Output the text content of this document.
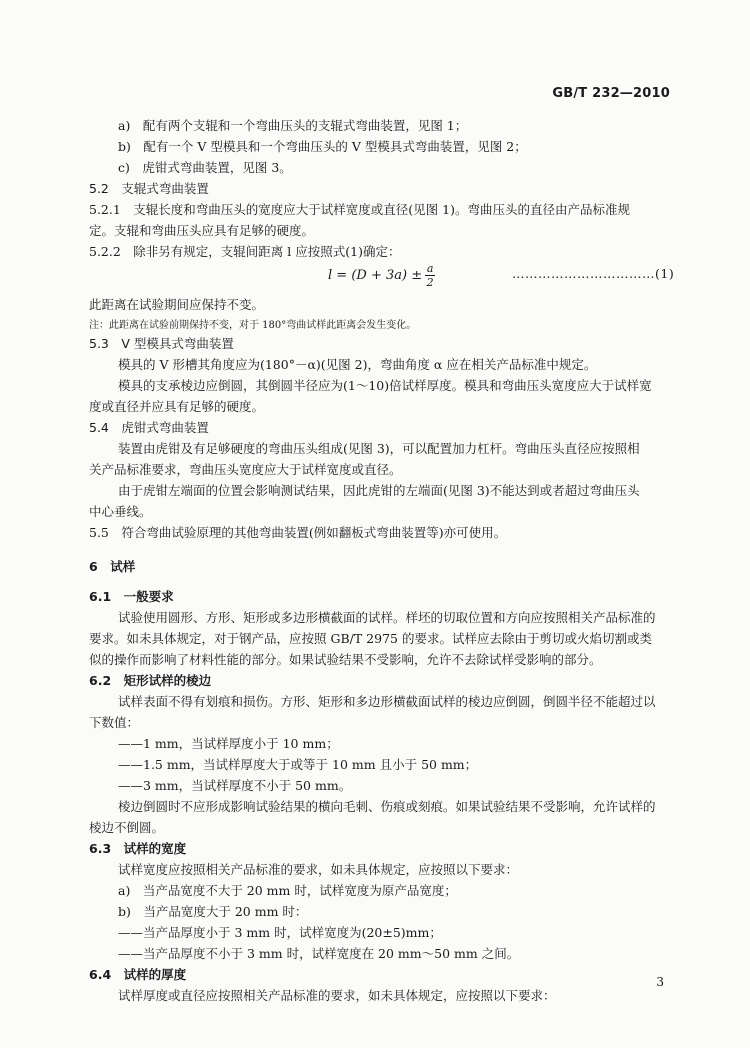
GB/T 232—2010
a)　配有两个支辊和一个弯曲压头的支辊式弯曲装置，见图 1；
b)　配有一个 V 型模具和一个弯曲压头的 V 型模具式弯曲装置，见图 2；
c)　虎钳式弯曲装置，见图 3。
5.2　支辊式弯曲装置
5.2.1　支辊长度和弯曲压头的宽度应大于试样宽度或直径(见图 1)。弯曲压头的直径由产品标准规
定。支辊和弯曲压头应具有足够的硬度。
5.2.2　除非另有规定，支辊间距离 l 应按照式(1)确定：
$l = (D + 3a) \pm \frac{a}{2}$	……………………………(1)
此距离在试验期间应保持不变。
注：此距离在试验前期保持不变，对于 180°弯曲试样此距离会发生变化。
5.3　V 型模具式弯曲装置
模具的 V 形槽其角度应为(180°－α)(见图 2)，弯曲角度 α 应在相关产品标准中规定。
模具的支承棱边应倒圆，其倒圆半径应为(1～10)倍试样厚度。模具和弯曲压头宽度应大于试样宽
度或直径并应具有足够的硬度。
5.4　虎钳式弯曲装置
装置由虎钳及有足够硬度的弯曲压头组成(见图 3)，可以配置加力杠杆。弯曲压头直径应按照相
关产品标准要求，弯曲压头宽度应大于试样宽度或直径。
由于虎钳左端面的位置会影响测试结果，因此虎钳的左端面(见图 3)不能达到或者超过弯曲压头
中心垂线。
5.5　符合弯曲试验原理的其他弯曲装置(例如翻板式弯曲装置等)亦可使用。
6　试样
6.1　一般要求
试验使用圆形、方形、矩形或多边形横截面的试样。样坯的切取位置和方向应按照相关产品标准的
要求。如未具体规定，对于钢产品，应按照 GB/T 2975 的要求。试样应去除由于剪切或火焰切割或类
似的操作而影响了材料性能的部分。如果试验结果不受影响，允许不去除试样受影响的部分。
6.2　矩形试样的棱边
试样表面不得有划痕和损伤。方形、矩形和多边形横截面试样的棱边应倒圆，倒圆半径不能超过以
下数值：
——1 mm，当试样厚度小于 10 mm；
——1.5 mm，当试样厚度大于或等于 10 mm 且小于 50 mm；
——3 mm，当试样厚度不小于 50 mm。
棱边倒圆时不应形成影响试验结果的横向毛刺、伤痕或刻痕。如果试验结果不受影响，允许试样的
棱边不倒圆。
6.3　试样的宽度
试样宽度应按照相关产品标准的要求，如未具体规定，应按照以下要求：
a)　当产品宽度不大于 20 mm 时，试样宽度为原产品宽度；
b)　当产品宽度大于 20 mm 时：
——当产品厚度小于 3 mm 时，试样宽度为(20±5)mm；
——当产品厚度不小于 3 mm 时，试样宽度在 20 mm～50 mm 之间。
6.4　试样的厚度
试样厚度或直径应按照相关产品标准的要求，如未具体规定，应按照以下要求：
3
